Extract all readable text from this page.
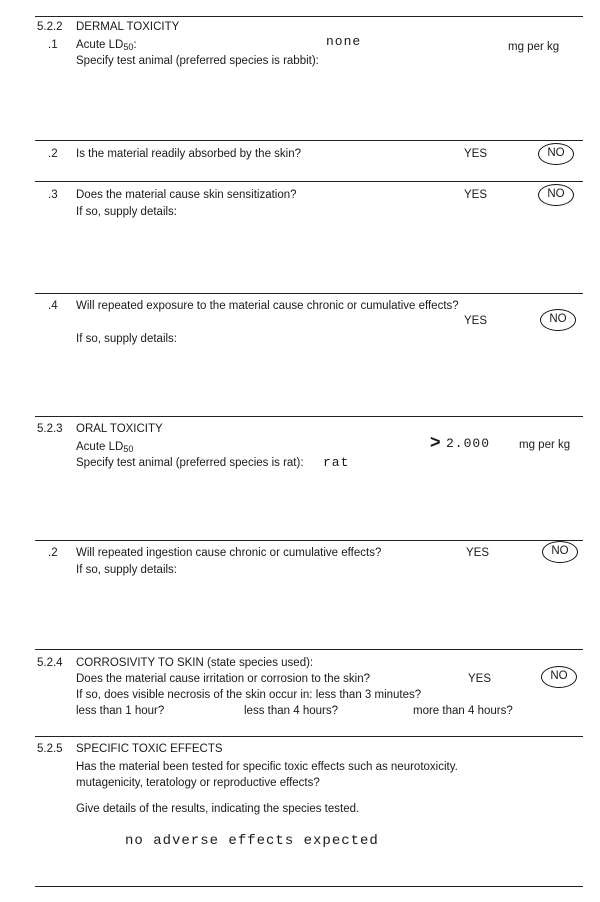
5.2.2 DERMAL TOXICITY
.1 Acute $LD_{50}$:	none	mg per kg
Specify test animal (preferred species is rabbit):
.2 Is the material readily absorbed by the skin?	YES	NO
.3 Does the material cause skin sensitization?	YES	NO
If so, supply details:
.4 Will repeated exposure to the material cause chronic or cumulative effects?
YES	NO
If so, supply details:
5.2.3 ORAL TOXICITY
Acute $LD_{50}$	> 2.000	mg per kg
Specify test animal (preferred species is rat): rat
.2 Will repeated ingestion cause chronic or cumulative effects?	YES	NO
If so, supply details:
5.2.4 CORROSIVITY TO SKIN (state species used):
Does the material cause irritation or corrosion to the skin?	YES	NO
If so, does visible necrosis of the skin occur in: less than 3 minutes?
less than 1 hour?	less than 4 hours?	more than 4 hours?
5.2.5 SPECIFIC TOXIC EFFECTS
Has the material been tested for specific toxic effects such as neurotoxicity.
mutagenicity, teratology or reproductive effects?
Give details of the results, indicating the species tested.
no adverse effects expected
